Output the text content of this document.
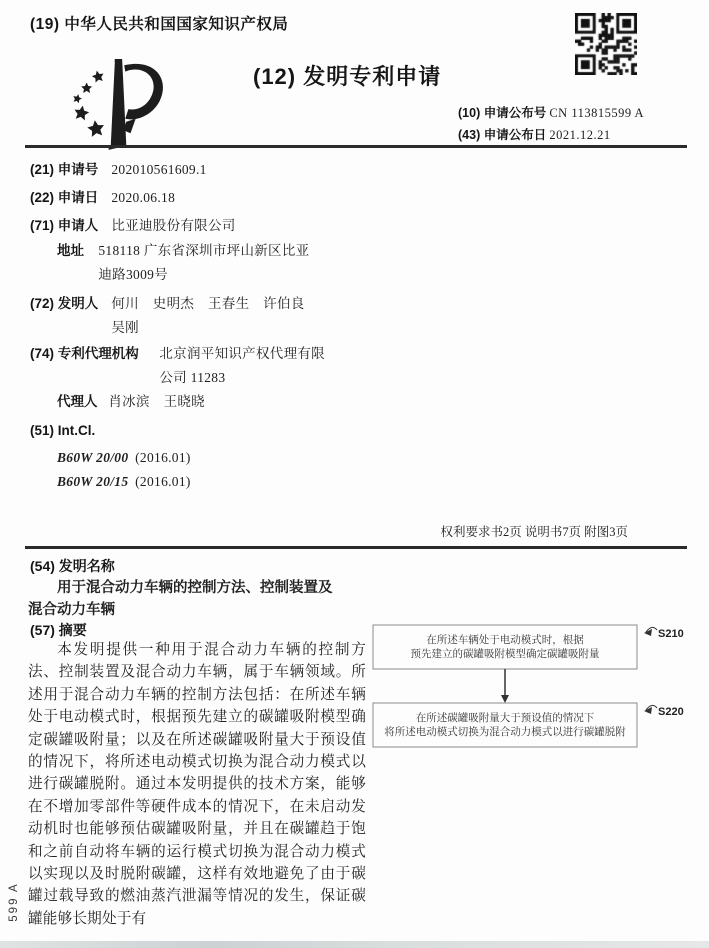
(19) 中华人民共和国国家知识产权局
(12) 发明专利申请
(10) 申请公布号 CN 113815599 A
(43) 申请公布日 2021.12.21
(21) 申请号 202010561609.1
(22) 申请日 2020.06.18
(71) 申请人 比亚迪股份有限公司
地址 518118 广东省深圳市坪山新区比亚迪路3009号
(72) 发明人 何川　史明杰　王春生　许伯良　吴刚
(74) 专利代理机构 北京润平知识产权代理有限公司 11283
代理人 肖冰滨　王晓晓
(51) Int.Cl.
B60W 20/00 (2016.01)
B60W 20/15 (2016.01)
权利要求书2页 说明书7页 附图3页
(54) 发明名称
用于混合动力车辆的控制方法、控制装置及混合动力车辆
(57) 摘要
本发明提供一种用于混合动力车辆的控制方法、控制装置及混合动力车辆，属于车辆领域。所述用于混合动力车辆的控制方法包括：在所述车辆处于电动模式时，根据预先建立的碳罐吸附模型确定碳罐吸附量；以及在所述碳罐吸附量大于预设值的情况下，将所述电动模式切换为混合动力模式以进行碳罐脱附。通过本发明提供的技术方案，能够在不增加零部件等硬件成本的情况下，在未启动发动机时也能够预估碳罐吸附量，并且在碳罐趋于饱和之前自动将车辆的运行模式切换为混合动力模式以实现以及时脱附碳罐，这样有效地避免了由于碳罐过载导致的燃油蒸汽泄漏等情况的发生，保证碳罐能够长期处于有
在所述车辆处于电动模式时，根据
预先建立的碳罐吸附模型确定碳罐吸附量
在所述碳罐吸附量大于预设值的情况下
将所述电动模式切换为混合动力模式以进行碳罐脱附
S210
S220
599 A
